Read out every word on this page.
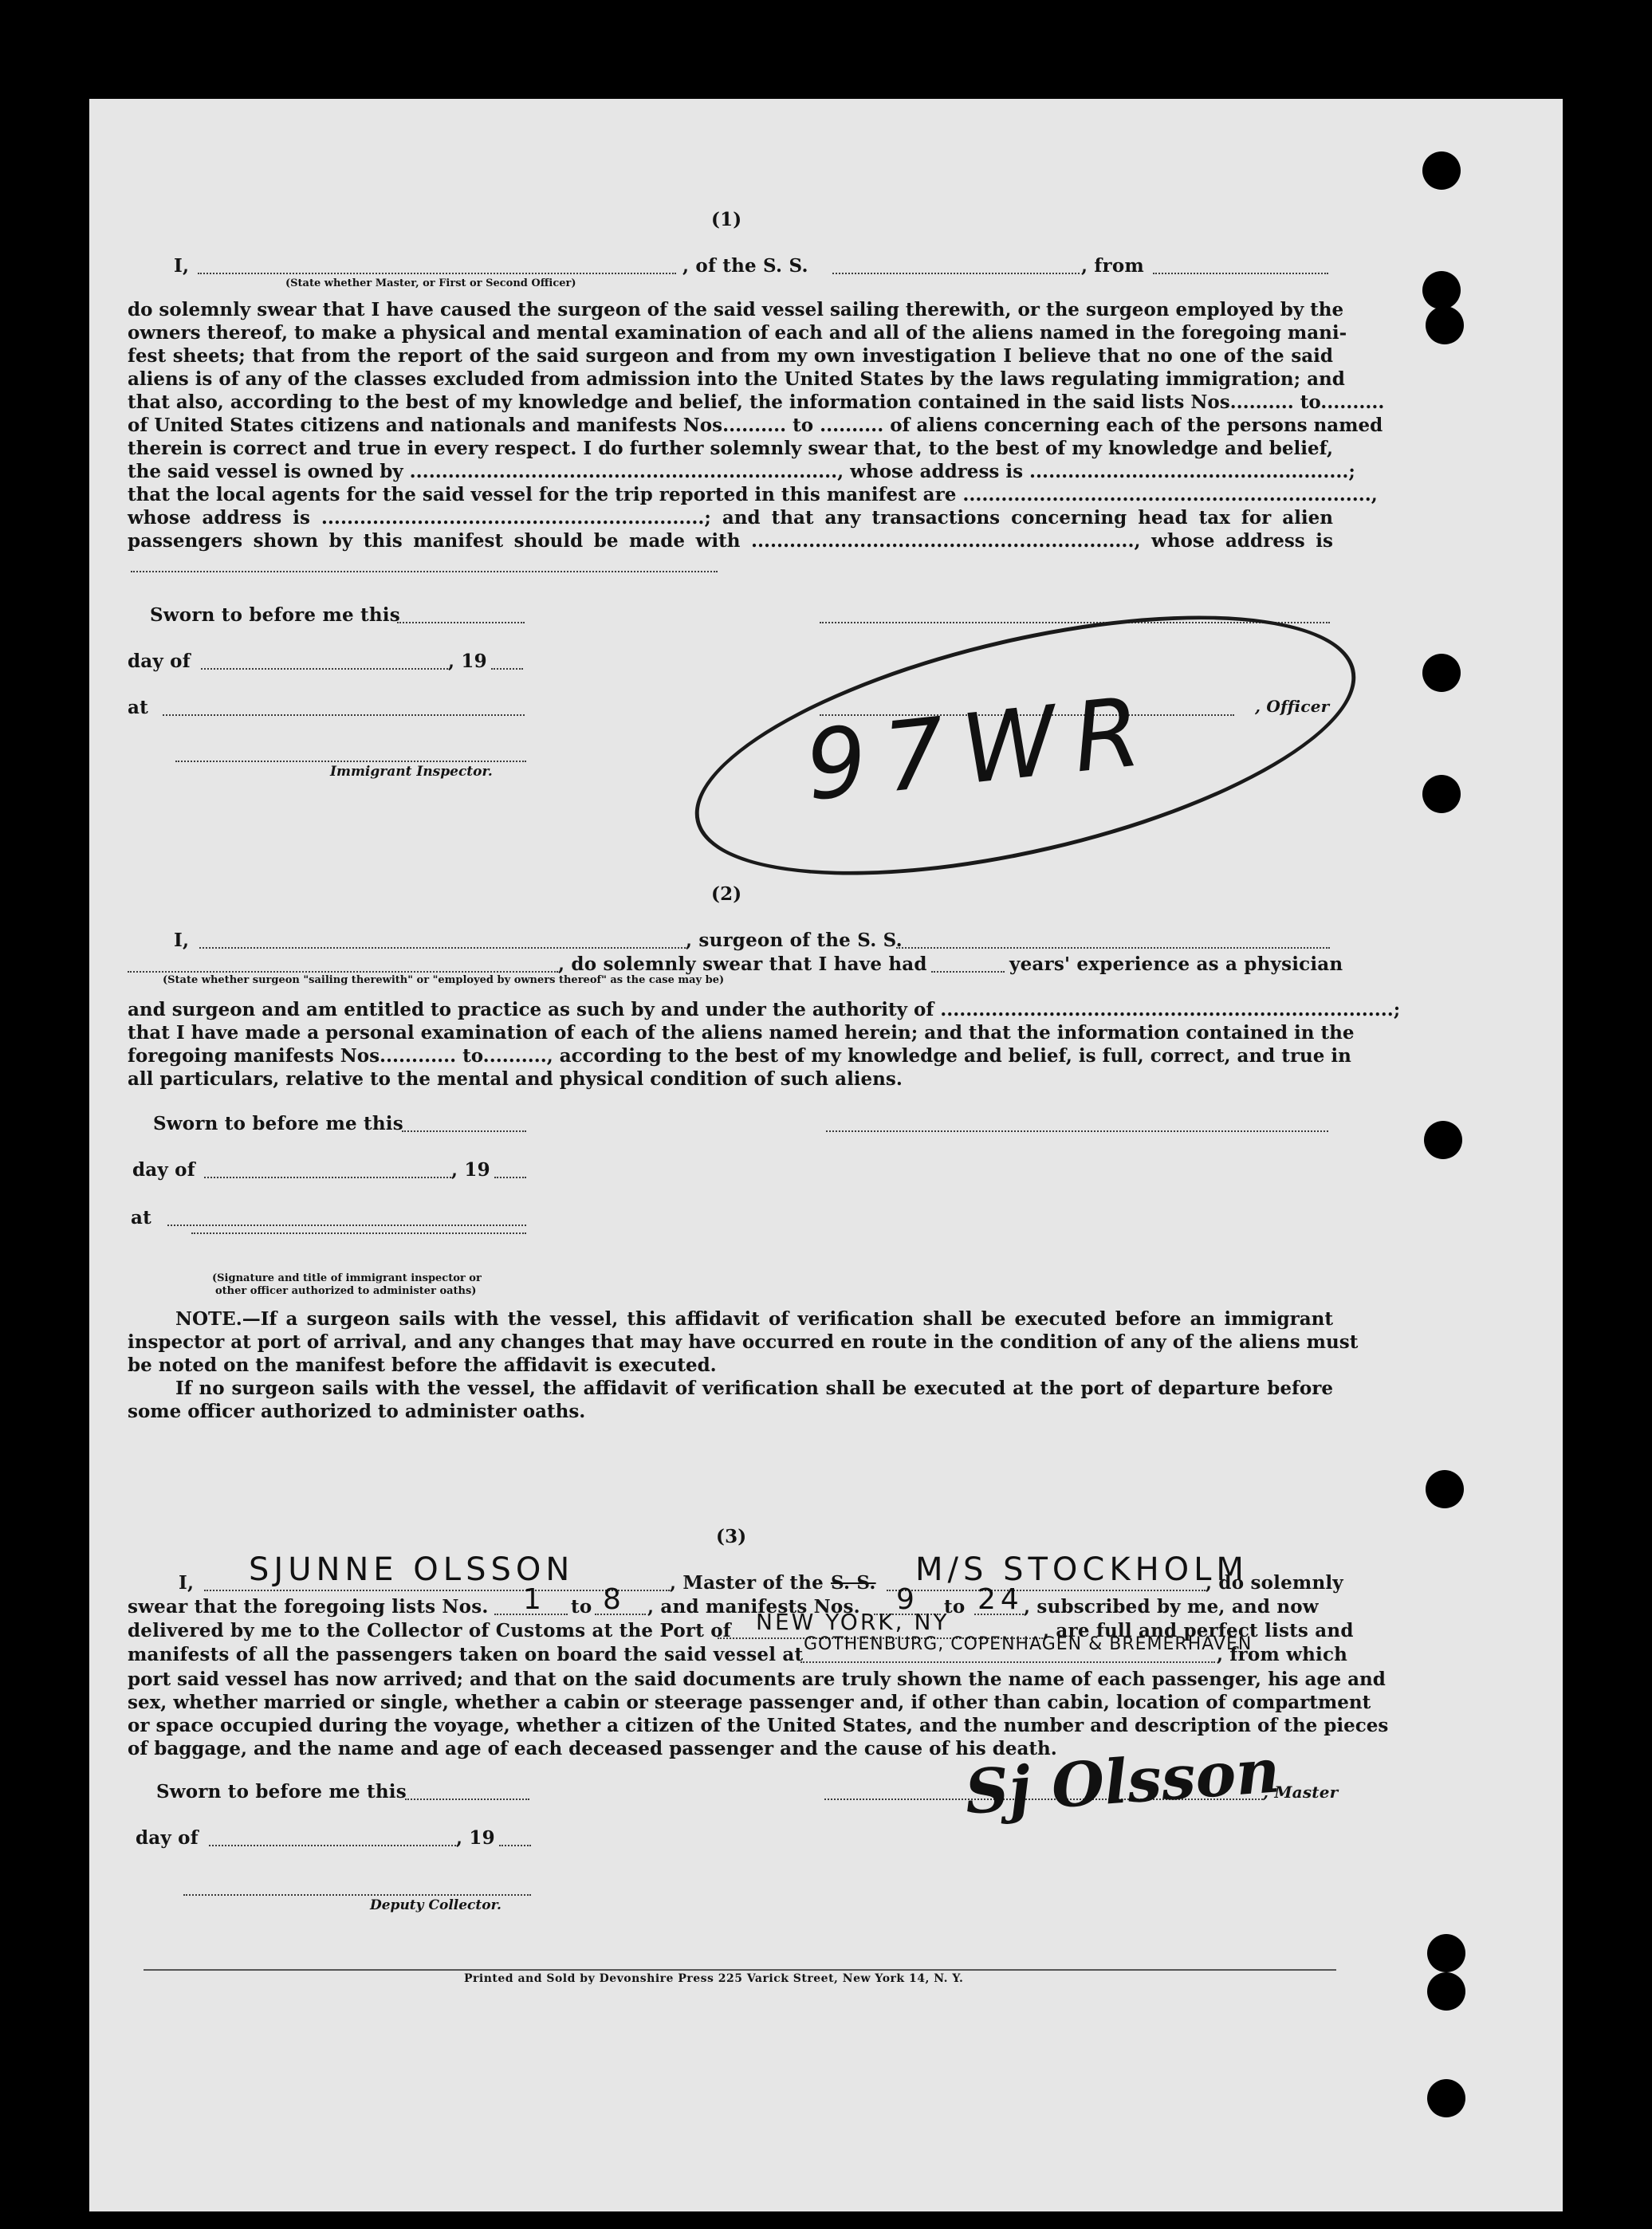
(1)

I,	, of the S. S.	, from

(State whether Master, or First or Second Officer)

do solemnly swear that I have caused the surgeon of the said vessel sailing therewith, or the surgeon employed by the
owners thereof, to make a physical and mental examination of each and all of the aliens named in the foregoing mani-
fest sheets; that from the report of the said surgeon and from my own investigation I believe that no one of the said
aliens is of any of the classes excluded from admission into the United States by the laws regulating immigration; and
that also, according to the best of my knowledge and belief, the information contained in the said lists Nos.......... to..........
of United States citizens and nationals and manifests Nos.......... to .......... of aliens concerning each of the persons named
therein is correct and true in every respect. I do further solemnly swear that, to the best of my knowledge and belief,
the said vessel is owned by ..................................................................., whose address is ..................................................;
that the local agents for the said vessel for the trip reported in this manifest are ................................................................,
whose address is ............................................................; and that any transactions concerning head tax for alien
passengers shown by this manifest should be made with ............................................................, whose address is

Sworn to before me this

day of	, 19

at	, Officer

Immigrant Inspector.	97WR

(2)

I,	, surgeon of the S. S.

, do solemnly swear that I have had	years' experience as a physician

(State whether surgeon "sailing therewith" or "employed by owners thereof" as the case may be)

and surgeon and am entitled to practice as such by and under the authority of .......................................................................;
that I have made a personal examination of each of the aliens named herein; and that the information contained in the
foregoing manifests Nos............ to.........., according to the best of my knowledge and belief, is full, correct, and true in
all particulars, relative to the mental and physical condition of such aliens.

Sworn to before me this

day of	, 19

at

(Signature and title of immigrant inspector or

other officer authorized to administer oaths)

NOTE.—If a surgeon sails with the vessel, this affidavit of verification shall be executed before an immigrant
inspector at port of arrival, and any changes that may have occurred en route in the condition of any of the aliens must
be noted on the manifest before the affidavit is executed.
If no surgeon sails with the vessel, the affidavit of verification shall be executed at the port of departure before
some officer authorized to administer oaths.

(3)

I, SJUNNE OLSSON	, Master of the S. S. M/S STOCKHOLM

, do solemnly

swear that the foregoing lists Nos. 1 to 8 , and manifests Nos. 9 to 24 , subscribed by me, and now

delivered by me to the Collector of Customs at the Port of NEW YORK, NY	, are full and perfect lists and

manifests of all the passengers taken on board the said vessel at GOTHENBURG, COPENHAGEN & BREMERHAVEN

, from which

port said vessel has now arrived; and that on the said documents are truly shown the name of each passenger, his age and
sex, whether married or single, whether a cabin or steerage passenger and, if other than cabin, location of compartment
or space occupied during the voyage, whether a citizen of the United States, and the number and description of the pieces
of baggage, and the name and age of each deceased passenger and the cause of his death.

Sworn to before me this	Sj Olsson

, Master

day of	, 19

Deputy Collector.

Printed and Sold by Devonshire Press 225 Varick Street, New York 14, N. Y.
